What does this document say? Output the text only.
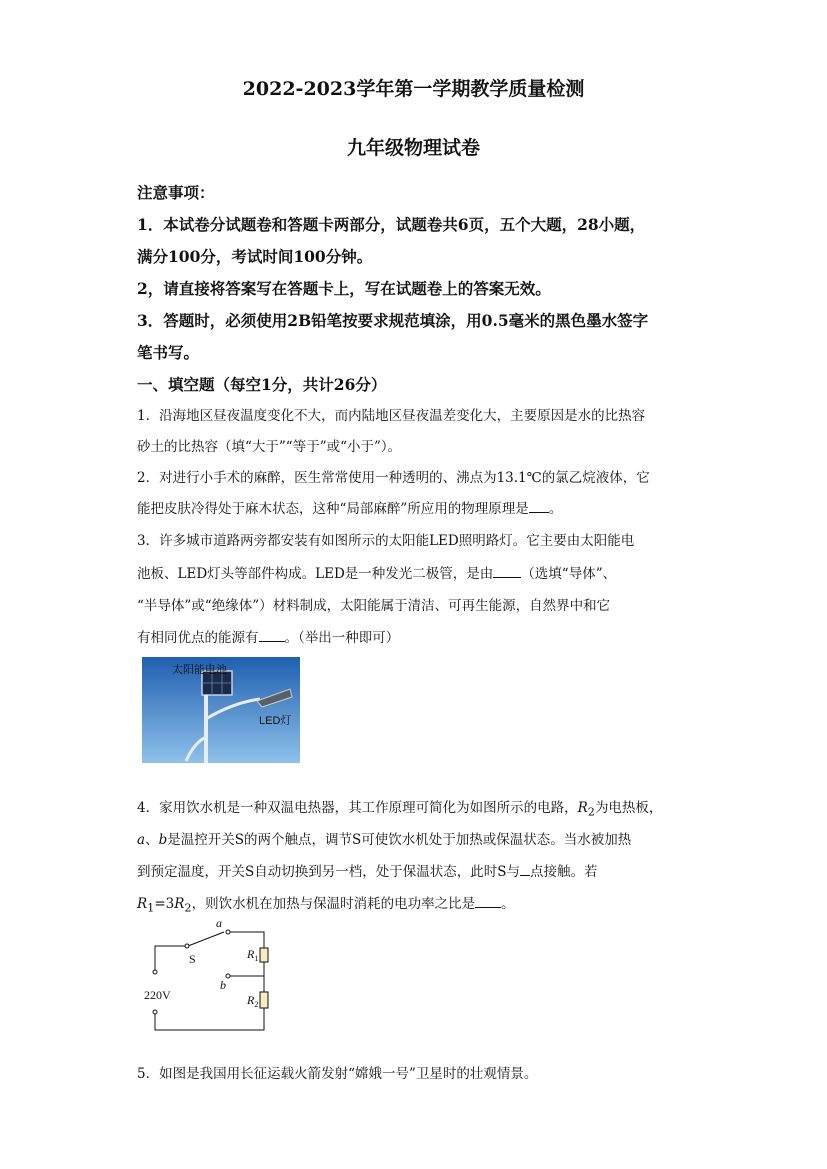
2022-2023学年第一学期教学质量检测
九年级物理试卷
注意事项：
1．本试卷分试题卷和答题卡两部分，试题卷共6页，五个大题，28小题，
满分100分，考试时间100分钟。
2，请直接将答案写在答题卡上，写在试题卷上的答案无效。
3．答题时，必须使用2B铅笔按要求规范填涂，用0.5毫米的黑色墨水签字
笔书写。
一、填空题（每空1分，共计26分）
1．沿海地区昼夜温度变化不大，而内陆地区昼夜温差变化大，主要原因是水的比热容
砂土的比热容（填“大于”“等于”或“小于”）。
2．对进行小手术的麻醉，医生常常使用一种透明的、沸点为13.1℃的氯乙烷液体，它
能把皮肤冷得处于麻木状态，这种“局部麻醉”所应用的物理原理是 。
3．许多城市道路两旁都安装有如图所示的太阳能LED照明路灯。它主要由太阳能电
池板、LED灯头等部件构成。LED是一种发光二极管，是由 （选填“导体”、
“半导体”或“绝缘体”）材料制成，太阳能属于清洁、可再生能源，自然界中和它
有相同优点的能源有 。（举出一种即可）
太阳能电池
LED灯
4．家用饮水机是一种双温电热器，其工作原理可简化为如图所示的电路，$R_2$为电热板，
a、b是温控开关S的两个触点，调节S可使饮水机处于加热或保温状态。当水被加热
到预定温度，开关S自动切换到另一档，处于保温状态，此时S与 点接触。若
$R_1=3R_2$，则饮水机在加热与保温时消耗的电功率之比是 。
a
b
S
220V
$R_1$
$R_2$
5．如图是我国用长征运载火箭发射“嫦娥一号”卫星时的壮观情景。
